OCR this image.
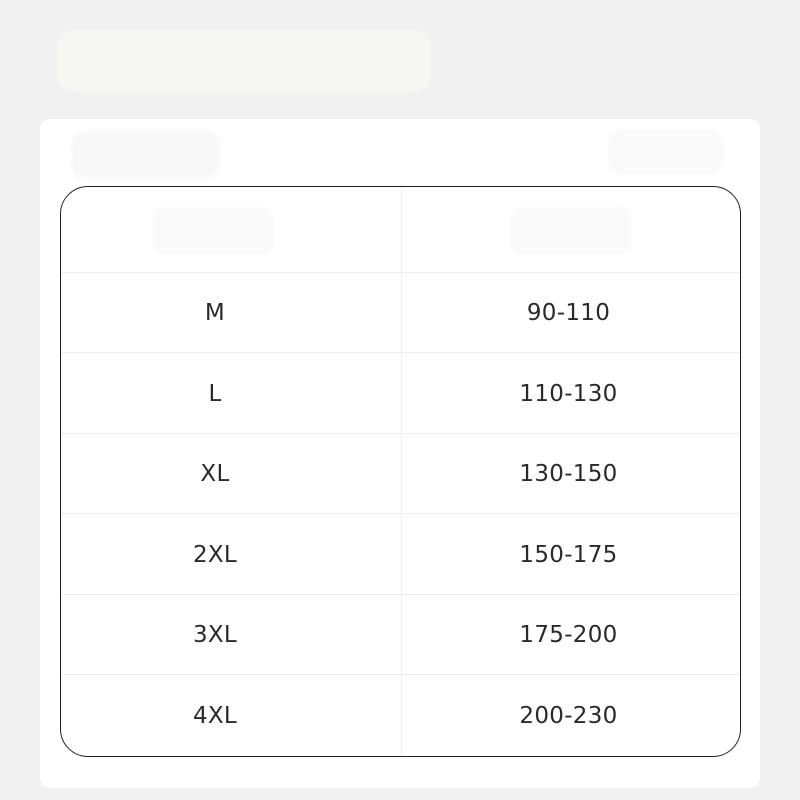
M	90-110
L	110-130
XL	130-150
2XL	150-175
3XL	175-200
4XL	200-230
